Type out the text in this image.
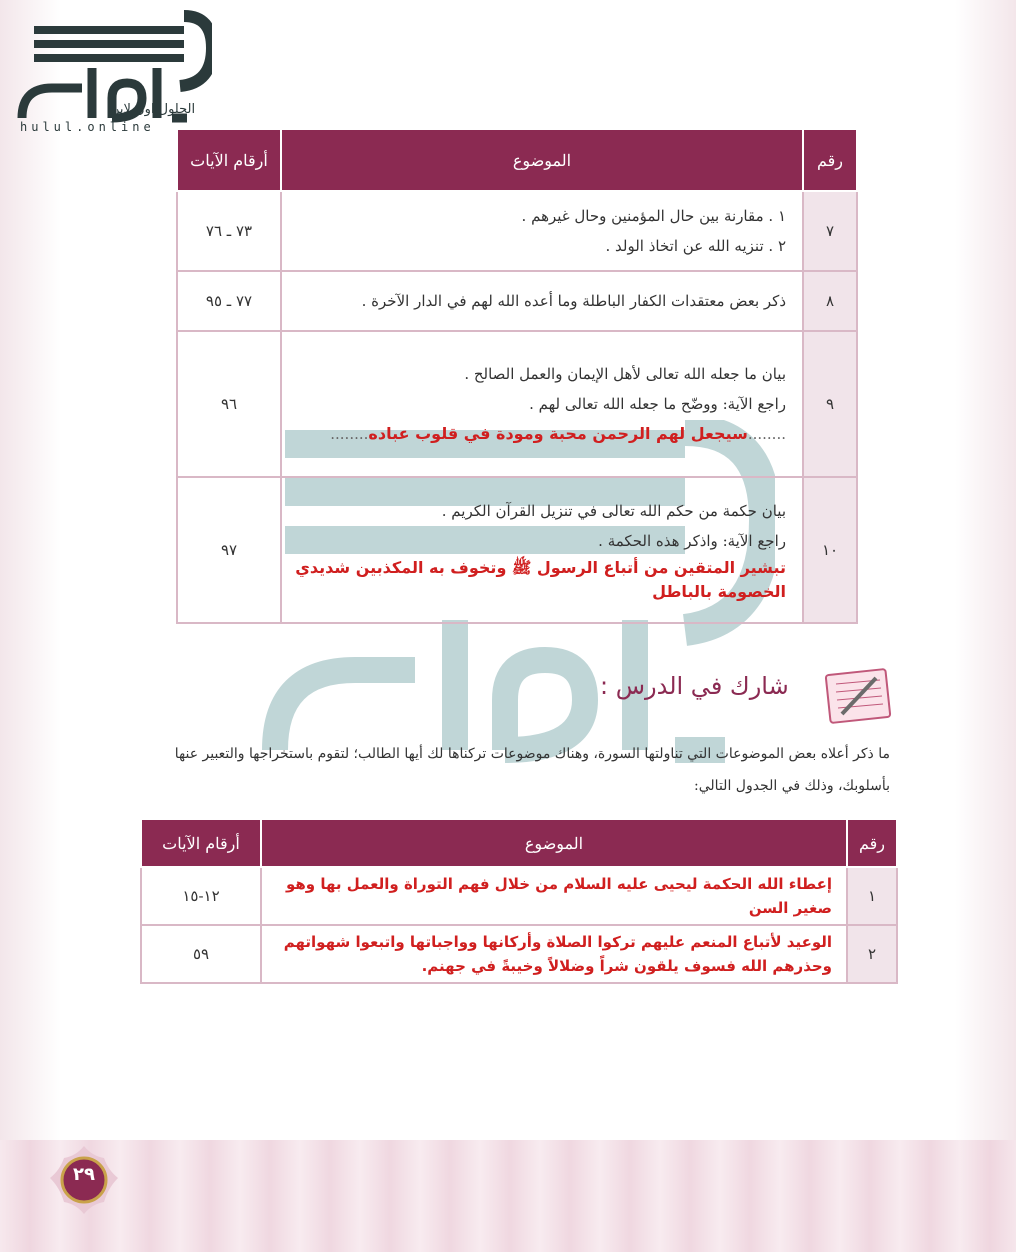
الحلول اون لاين
hulul.online
أرقام الآيات	الموضوع	رقم
٧٣ ـ ٧٦	١ . مقارنة بين حال المؤمنين وحال غيرهم .
٢ . تنزيه الله عن اتخاذ الولد .	٧
٧٧ ـ ٩٥	ذكر بعض معتقدات الكفار الباطلة وما أعده الله لهم في الدار الآخرة .	٨
٩٦	بيان ما جعله الله تعالى لأهل الإيمان والعمل الصالح .
راجع الآية: ووضّح ما جعله الله تعالى لهم .
........سيجعل لهم الرحمن محبة ومودة في قلوب عباده........	٩
٩٧	بيان حكمة من حكم الله تعالى في تنزيل القرآن الكريم .
راجع الآية: واذكر هذه الحكمة .
تبشير المتقين من أتباع الرسول ﷺ وتخوف به المكذبين شديدي الخصومة بالباطل	١٠
شارك في الدرس :
ما ذكر أعلاه بعض الموضوعات التي تناولتها السورة، وهناك موضوعات تركناها لك أيها الطالب؛ لتقوم باستخراجها والتعبير عنها بأسلوبك، وذلك في الجدول التالي:
أرقام الآيات	الموضوع	رقم
١٢-١٥	إعطاء الله الحكمة ليحيى عليه السلام من خلال فهم التوراة والعمل بها وهو صغير السن	١
٥٩	الوعيد لأتباع المنعم عليهم تركوا الصلاة وأركانها وواجباتها واتبعوا شهواتهم وحذرهم الله فسوف يلقون شراً وضلالاً وخيبةً في جهنم.	٢
٢٩
